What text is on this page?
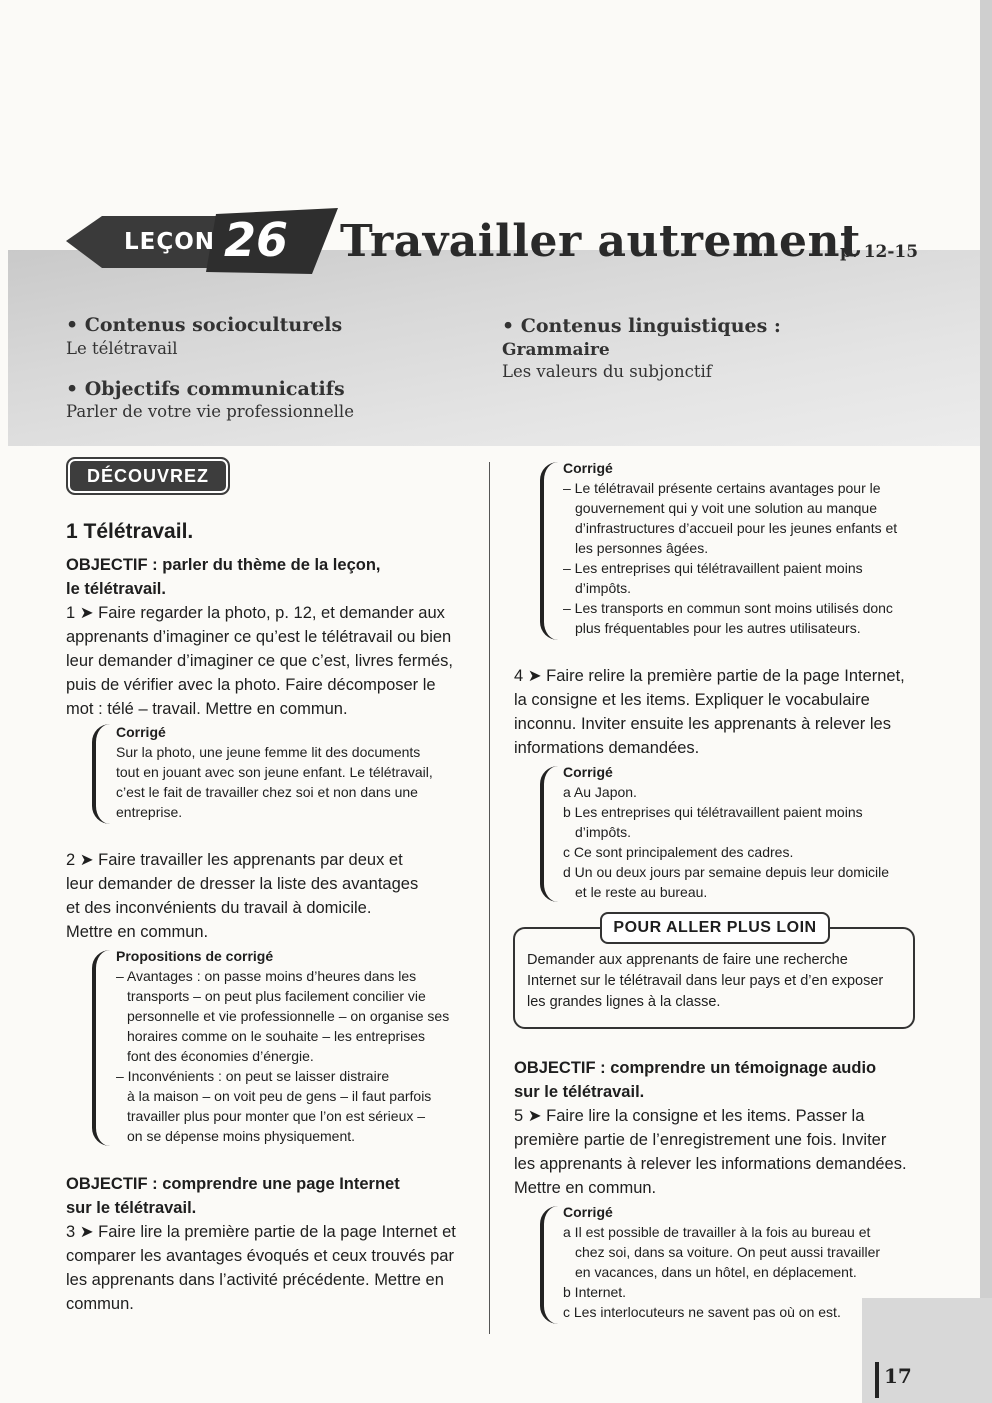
LEÇON 26 Travailler autrement
p. 12-15
• Contenus socioculturels
Le télétravail
• Objectifs communicatifs
Parler de votre vie professionnelle
• Contenus linguistiques :
Grammaire
Les valeurs du subjonctif
DÉCOUVREZ
1 Télétravail.
OBJECTIF : parler du thème de la leçon,
le télétravail.
1 ➤ Faire regarder la photo, p. 12, et demander aux
apprenants d’imaginer ce qu’est le télétravail ou bien
leur demander d’imaginer ce que c’est, livres fermés,
puis de vérifier avec la photo. Faire décomposer le
mot : télé – travail. Mettre en commun.
Corrigé
Sur la photo, une jeune femme lit des documents
tout en jouant avec son jeune enfant. Le télétravail,
c’est le fait de travailler chez soi et non dans une
entreprise.
2 ➤ Faire travailler les apprenants par deux et
leur demander de dresser la liste des avantages
et des inconvénients du travail à domicile.
Mettre en commun.
Propositions de corrigé
– Avantages : on passe moins d’heures dans les
transports – on peut plus facilement concilier vie
personnelle et vie professionnelle – on organise ses
horaires comme on le souhaite – les entreprises
font des économies d’énergie.
– Inconvénients : on peut se laisser distraire
à la maison – on voit peu de gens – il faut parfois
travailler plus pour monter que l’on est sérieux –
on se dépense moins physiquement.
OBJECTIF : comprendre une page Internet
sur le télétravail.
3 ➤ Faire lire la première partie de la page Internet et
comparer les avantages évoqués et ceux trouvés par
les apprenants dans l’activité précédente. Mettre en
commun.
Corrigé
– Le télétravail présente certains avantages pour le
gouvernement qui y voit une solution au manque
d’infrastructures d’accueil pour les jeunes enfants et
les personnes âgées.
– Les entreprises qui télétravaillent paient moins
d’impôts.
– Les transports en commun sont moins utilisés donc
plus fréquentables pour les autres utilisateurs.
4 ➤ Faire relire la première partie de la page Internet,
la consigne et les items. Expliquer le vocabulaire
inconnu. Inviter ensuite les apprenants à relever les
informations demandées.
Corrigé
a Au Japon.
b Les entreprises qui télétravaillent paient moins
d’impôts.
c Ce sont principalement des cadres.
d Un ou deux jours par semaine depuis leur domicile
et le reste au bureau.
POUR ALLER PLUS LOIN
Demander aux apprenants de faire une recherche
Internet sur le télétravail dans leur pays et d’en exposer
les grandes lignes à la classe.
OBJECTIF : comprendre un témoignage audio
sur le télétravail.
5 ➤ Faire lire la consigne et les items. Passer la
première partie de l’enregistrement une fois. Inviter
les apprenants à relever les informations demandées.
Mettre en commun.
Corrigé
a Il est possible de travailler à la fois au bureau et
chez soi, dans sa voiture. On peut aussi travailler
en vacances, dans un hôtel, en déplacement.
b Internet.
c Les interlocuteurs ne savent pas où on est.
17
